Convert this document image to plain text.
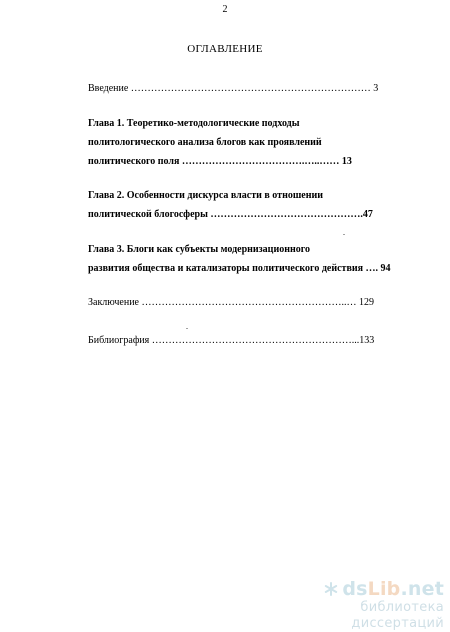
2
ОГЛАВЛЕНИЕ
Введение ……………………………………………………………… 3
Глава 1. Теоретико-методологические подходы
политологического анализа блогов как проявлений
политического поля ……………………………….…..…… 13
Глава 2. Особенности дискурса власти в отношении
политической блогосферы ……………………………………….47
.
Глава 3. Блоги как субъекты модернизационного
развития общества и катализаторы политического действия …. 94
Заключение ……………………………………………………..… 129
.
Библиография ……………………………………………………...133
dsLib.net
библиотека диссертаций
